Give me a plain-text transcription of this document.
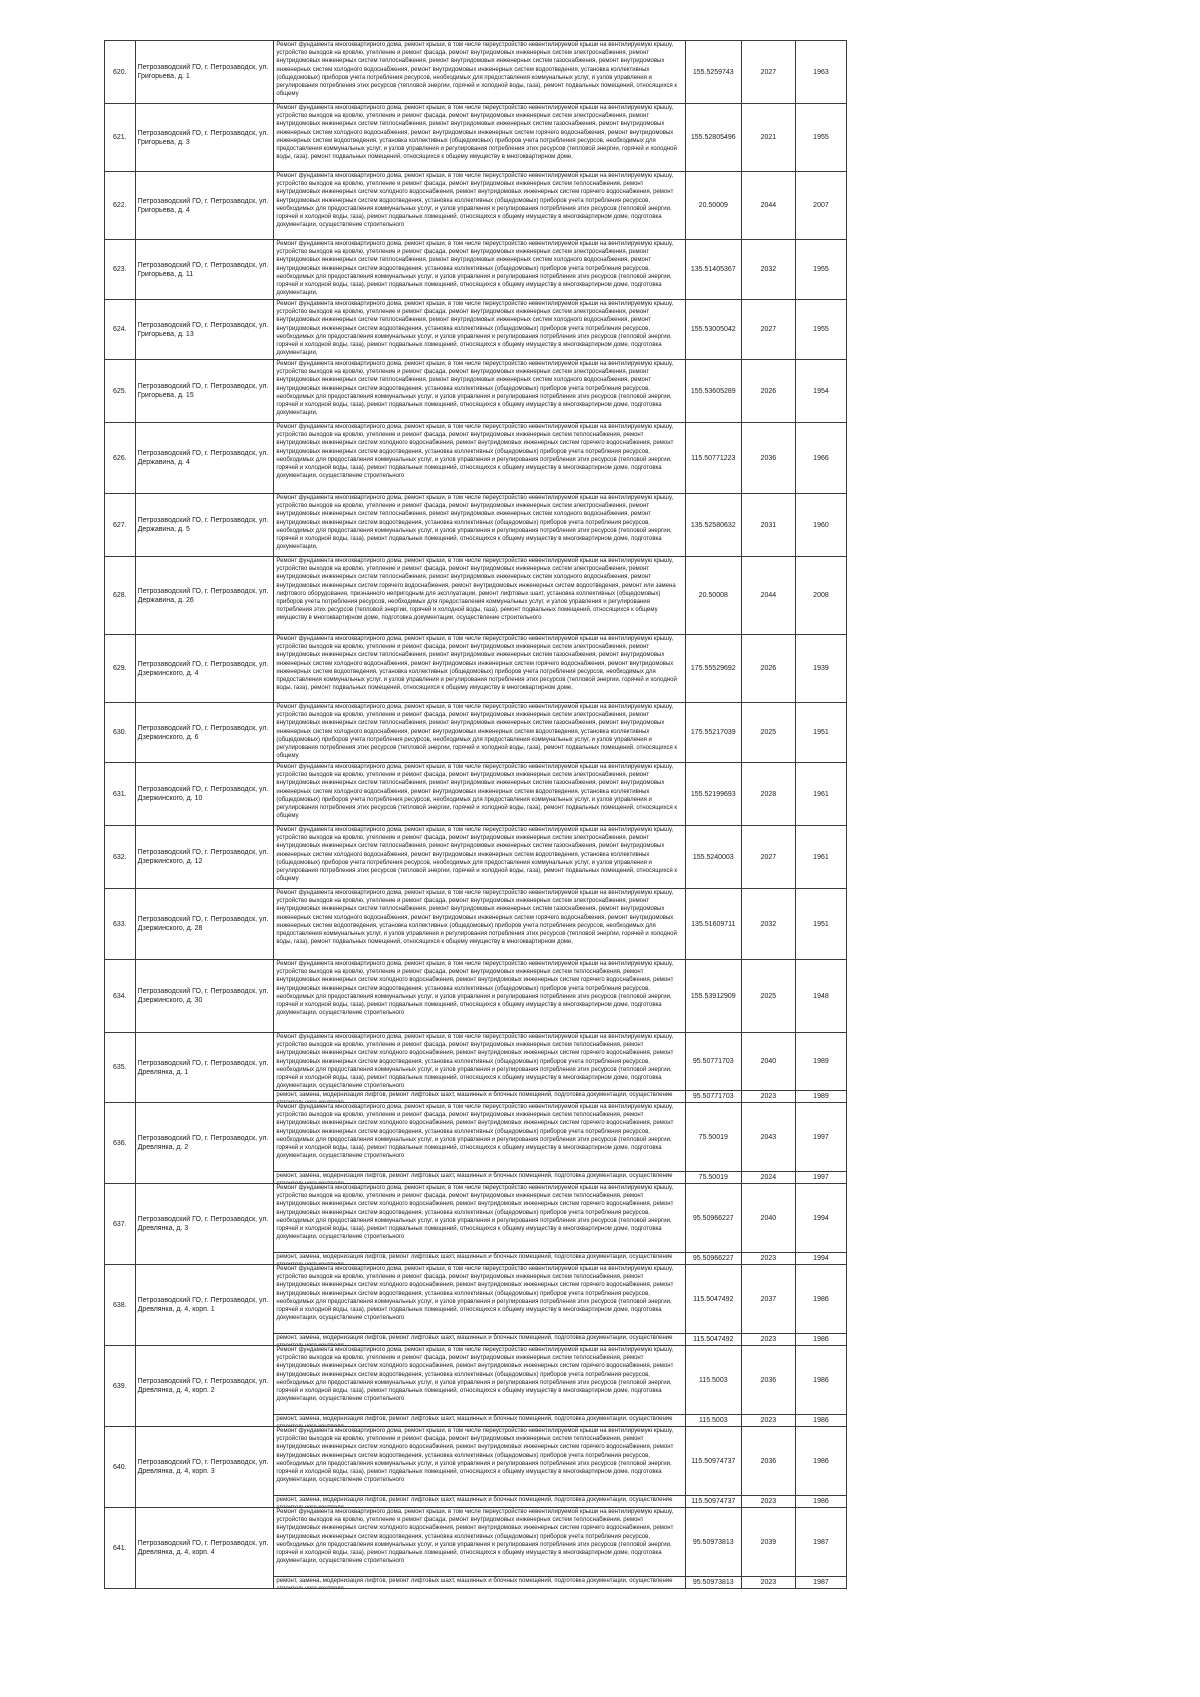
620.	Петрозаводский ГО, г. Петрозаводск, ул. Григорьева, д. 1	Ремонт фундамента многоквартирного дома, ремонт крыши, в том числе переустройство невентилируемой крыши на вентилируемую крышу, устройство выходов на кровлю, утепление и ремонт фасада, ремонт внутридомовых инженерных систем электроснабжения, ремонт внутридомовых инженерных систем теплоснабжения, ремонт внутридомовых инженерных систем газоснабжения, ремонт внутридомовых инженерных систем холодного водоснабжения, ремонт внутридомовых инженерных систем водоотведения, установка коллективных (общедомовых) приборов учета потребления ресурсов, необходимых для предоставления коммунальных услуг, и узлов управления и регулирования потребления этих ресурсов (тепловой энергии, горячей и холодной воды, газа), ремонт подвальных помещений, относящихся к общему	155.5259743	2027	1963
621.	Петрозаводский ГО, г. Петрозаводск, ул. Григорьева, д. 3	Ремонт фундамента многоквартирного дома, ремонт крыши, в том числе переустройство невентилируемой крыши на вентилируемую крышу, устройство выходов на кровлю, утепление и ремонт фасада, ремонт внутридомовых инженерных систем электроснабжения, ремонт внутридомовых инженерных систем теплоснабжения, ремонт внутридомовых инженерных систем газоснабжения, ремонт внутридомовых инженерных систем холодного водоснабжения, ремонт внутридомовых инженерных систем горячего водоснабжения, ремонт внутридомовых инженерных систем водоотведения, установка коллективных (общедомовых) приборов учета потребления ресурсов, необходимых для предоставления коммунальных услуг, и узлов управления и регулирования потребления этих ресурсов (тепловой энергии, горячей и холодной воды, газа), ремонт подвальных помещений, относящихся к общему имуществу в многоквартирном доме,	155.52805496	2021	1955
622.	Петрозаводский ГО, г. Петрозаводск, ул. Григорьева, д. 4	Ремонт фундамента многоквартирного дома, ремонт крыши, в том числе переустройство невентилируемой крыши на вентилируемую крышу, устройство выходов на кровлю, утепление и ремонт фасада, ремонт внутридомовых инженерных систем теплоснабжения, ремонт внутридомовых инженерных систем холодного водоснабжения, ремонт внутридомовых инженерных систем горячего водоснабжения, ремонт внутридомовых инженерных систем водоотведения, установка коллективных (общедомовых) приборов учета потребления ресурсов, необходимых для предоставления коммунальных услуг, и узлов управления и регулирования потребления этих ресурсов (тепловой энергии, горячей и холодной воды, газа), ремонт подвальных помещений, относящихся к общему имуществу в многоквартирном доме, подготовка документации, осуществление строительного	20.50009	2044	2007
623.	Петрозаводский ГО, г. Петрозаводск, ул. Григорьева, д. 11	Ремонт фундамента многоквартирного дома, ремонт крыши, в том числе переустройство невентилируемой крыши на вентилируемую крышу, устройство выходов на кровлю, утепление и ремонт фасада, ремонт внутридомовых инженерных систем электроснабжения, ремонт внутридомовых инженерных систем теплоснабжения, ремонт внутридомовых инженерных систем холодного водоснабжения, ремонт внутридомовых инженерных систем водоотведения, установка коллективных (общедомовых) приборов учета потребления ресурсов, необходимых для предоставления коммунальных услуг, и узлов управления и регулирования потребления этих ресурсов (тепловой энергии, горячей и холодной воды, газа), ремонт подвальных помещений, относящихся к общему имуществу в многоквартирном доме, подготовка документации,	135.51405367	2032	1955
624.	Петрозаводский ГО, г. Петрозаводск, ул. Григорьева, д. 13	Ремонт фундамента многоквартирного дома, ремонт крыши, в том числе переустройство невентилируемой крыши на вентилируемую крышу, устройство выходов на кровлю, утепление и ремонт фасада, ремонт внутридомовых инженерных систем электроснабжения, ремонт внутридомовых инженерных систем теплоснабжения, ремонт внутридомовых инженерных систем холодного водоснабжения, ремонт внутридомовых инженерных систем водоотведения, установка коллективных (общедомовых) приборов учета потребления ресурсов, необходимых для предоставления коммунальных услуг, и узлов управления и регулирования потребления этих ресурсов (тепловой энергии, горячей и холодной воды, газа), ремонт подвальных помещений, относящихся к общему имуществу в многоквартирном доме, подготовка документации,	155.53005042	2027	1955
625.	Петрозаводский ГО, г. Петрозаводск, ул. Григорьева, д. 15	Ремонт фундамента многоквартирного дома, ремонт крыши, в том числе переустройство невентилируемой крыши на вентилируемую крышу, устройство выходов на кровлю, утепление и ремонт фасада, ремонт внутридомовых инженерных систем электроснабжения, ремонт внутридомовых инженерных систем теплоснабжения, ремонт внутридомовых инженерных систем холодного водоснабжения, ремонт внутридомовых инженерных систем водоотведения, установка коллективных (общедомовых) приборов учета потребления ресурсов, необходимых для предоставления коммунальных услуг, и узлов управления и регулирования потребления этих ресурсов (тепловой энергии, горячей и холодной воды, газа), ремонт подвальных помещений, относящихся к общему имуществу в многоквартирном доме, подготовка документации,	155.53605289	2026	1954
626.	Петрозаводский ГО, г. Петрозаводск, ул. Державина, д. 4	Ремонт фундамента многоквартирного дома, ремонт крыши, в том числе переустройство невентилируемой крыши на вентилируемую крышу, устройство выходов на кровлю, утепление и ремонт фасада, ремонт внутридомовых инженерных систем теплоснабжения, ремонт внутридомовых инженерных систем холодного водоснабжения, ремонт внутридомовых инженерных систем горячего водоснабжения, ремонт внутридомовых инженерных систем водоотведения, установка коллективных (общедомовых) приборов учета потребления ресурсов, необходимых для предоставления коммунальных услуг, и узлов управления и регулирования потребления этих ресурсов (тепловой энергии, горячей и холодной воды, газа), ремонт подвальных помещений, относящихся к общему имуществу в многоквартирном доме, подготовка документации, осуществление строительного	115.50771223	2036	1966
627.	Петрозаводский ГО, г. Петрозаводск, ул. Державина, д. 5	Ремонт фундамента многоквартирного дома, ремонт крыши, в том числе переустройство невентилируемой крыши на вентилируемую крышу, устройство выходов на кровлю, утепление и ремонт фасада, ремонт внутридомовых инженерных систем электроснабжения, ремонт внутридомовых инженерных систем теплоснабжения, ремонт внутридомовых инженерных систем холодного водоснабжения, ремонт внутридомовых инженерных систем водоотведения, установка коллективных (общедомовых) приборов учета потребления ресурсов, необходимых для предоставления коммунальных услуг, и узлов управления и регулирования потребления этих ресурсов (тепловой энергии, горячей и холодной воды, газа), ремонт подвальных помещений, относящихся к общему имуществу в многоквартирном доме, подготовка документации,	135.52580632	2031	1960
628.	Петрозаводский ГО, г. Петрозаводск, ул. Державина, д. 26	Ремонт фундамента многоквартирного дома, ремонт крыши, в том числе переустройство невентилируемой крыши на вентилируемую крышу, устройство выходов на кровлю, утепление и ремонт фасада, ремонт внутридомовых инженерных систем электроснабжения, ремонт внутридомовых инженерных систем теплоснабжения, ремонт внутридомовых инженерных систем холодного водоснабжения, ремонт внутридомовых инженерных систем горячего водоснабжения, ремонт внутридомовых инженерных систем водоотведения, ремонт или замена лифтового оборудования, признанного непригодным для эксплуатации, ремонт лифтовых шахт, установка коллективных (общедомовых) приборов учета потребления ресурсов, необходимых для предоставления коммунальных услуг, и узлов управления и регулирования потребления этих ресурсов (тепловой энергии, горячей и холодной воды, газа), ремонт подвальных помещений, относящихся к общему имуществу в многоквартирном доме, подготовка документации, осуществление строительного	20.50008	2044	2008
629.	Петрозаводский ГО, г. Петрозаводск, ул. Дзержинского, д. 4	Ремонт фундамента многоквартирного дома, ремонт крыши, в том числе переустройство невентилируемой крыши на вентилируемую крышу, устройство выходов на кровлю, утепление и ремонт фасада, ремонт внутридомовых инженерных систем электроснабжения, ремонт внутридомовых инженерных систем теплоснабжения, ремонт внутридомовых инженерных систем газоснабжения, ремонт внутридомовых инженерных систем холодного водоснабжения, ремонт внутридомовых инженерных систем горячего водоснабжения, ремонт внутридомовых инженерных систем водоотведения, установка коллективных (общедомовых) приборов учета потребления ресурсов, необходимых для предоставления коммунальных услуг, и узлов управления и регулирования потребления этих ресурсов (тепловой энергии, горячей и холодной воды, газа), ремонт подвальных помещений, относящихся к общему имуществу в многоквартирном доме,	175.55529692	2026	1939
630.	Петрозаводский ГО, г. Петрозаводск, ул. Дзержинского, д. 6	Ремонт фундамента многоквартирного дома, ремонт крыши, в том числе переустройство невентилируемой крыши на вентилируемую крышу, устройство выходов на кровлю, утепление и ремонт фасада, ремонт внутридомовых инженерных систем электроснабжения, ремонт внутридомовых инженерных систем теплоснабжения, ремонт внутридомовых инженерных систем газоснабжения, ремонт внутридомовых инженерных систем холодного водоснабжения, ремонт внутридомовых инженерных систем водоотведения, установка коллективных (общедомовых) приборов учета потребления ресурсов, необходимых для предоставления коммунальных услуг, и узлов управления и регулирования потребления этих ресурсов (тепловой энергии, горячей и холодной воды, газа), ремонт подвальных помещений, относящихся к общему	175.55217039	2025	1951
631.	Петрозаводский ГО, г. Петрозаводск, ул. Дзержинского, д. 10	Ремонт фундамента многоквартирного дома, ремонт крыши, в том числе переустройство невентилируемой крыши на вентилируемую крышу, устройство выходов на кровлю, утепление и ремонт фасада, ремонт внутридомовых инженерных систем электроснабжения, ремонт внутридомовых инженерных систем теплоснабжения, ремонт внутридомовых инженерных систем газоснабжения, ремонт внутридомовых инженерных систем холодного водоснабжения, ремонт внутридомовых инженерных систем водоотведения, установка коллективных (общедомовых) приборов учета потребления ресурсов, необходимых для предоставления коммунальных услуг, и узлов управления и регулирования потребления этих ресурсов (тепловой энергии, горячей и холодной воды, газа), ремонт подвальных помещений, относящихся к общему	155.52199693	2028	1961
632.	Петрозаводский ГО, г. Петрозаводск, ул. Дзержинского, д. 12	Ремонт фундамента многоквартирного дома, ремонт крыши, в том числе переустройство невентилируемой крыши на вентилируемую крышу, устройство выходов на кровлю, утепление и ремонт фасада, ремонт внутридомовых инженерных систем электроснабжения, ремонт внутридомовых инженерных систем теплоснабжения, ремонт внутридомовых инженерных систем газоснабжения, ремонт внутридомовых инженерных систем холодного водоснабжения, ремонт внутридомовых инженерных систем водоотведения, установка коллективных (общедомовых) приборов учета потребления ресурсов, необходимых для предоставления коммунальных услуг, и узлов управления и регулирования потребления этих ресурсов (тепловой энергии, горячей и холодной воды, газа), ремонт подвальных помещений, относящихся к общему	155.5240003	2027	1961
633.	Петрозаводский ГО, г. Петрозаводск, ул. Дзержинского, д. 28	Ремонт фундамента многоквартирного дома, ремонт крыши, в том числе переустройство невентилируемой крыши на вентилируемую крышу, устройство выходов на кровлю, утепление и ремонт фасада, ремонт внутридомовых инженерных систем электроснабжения, ремонт внутридомовых инженерных систем теплоснабжения, ремонт внутридомовых инженерных систем газоснабжения, ремонт внутридомовых инженерных систем холодного водоснабжения, ремонт внутридомовых инженерных систем горячего водоснабжения, ремонт внутридомовых инженерных систем водоотведения, установка коллективных (общедомовых) приборов учета потребления ресурсов, необходимых для предоставления коммунальных услуг, и узлов управления и регулирования потребления этих ресурсов (тепловой энергии, горячей и холодной воды, газа), ремонт подвальных помещений, относящихся к общему имуществу в многоквартирном доме,	135.51609711	2032	1951
634.	Петрозаводский ГО, г. Петрозаводск, ул. Дзержинского, д. 30	Ремонт фундамента многоквартирного дома, ремонт крыши, в том числе переустройство невентилируемой крыши на вентилируемую крышу, устройство выходов на кровлю, утепление и ремонт фасада, ремонт внутридомовых инженерных систем теплоснабжения, ремонт внутридомовых инженерных систем холодного водоснабжения, ремонт внутридомовых инженерных систем горячего водоснабжения, ремонт внутридомовых инженерных систем водоотведения, установка коллективных (общедомовых) приборов учета потребления ресурсов, необходимых для предоставления коммунальных услуг, и узлов управления и регулирования потребления этих ресурсов (тепловой энергии, горячей и холодной воды, газа), ремонт подвальных помещений, относящихся к общему имуществу в многоквартирном доме, подготовка документации, осуществление строительного	155.53912909	2025	1948
635.	Петрозаводский ГО, г. Петрозаводск, ул. Древлянка, д. 1	Ремонт фундамента многоквартирного дома, ремонт крыши, в том числе переустройство невентилируемой крыши на вентилируемую крышу, устройство выходов на кровлю, утепление и ремонт фасада, ремонт внутридомовых инженерных систем теплоснабжения, ремонт внутридомовых инженерных систем холодного водоснабжения, ремонт внутридомовых инженерных систем горячего водоснабжения, ремонт внутридомовых инженерных систем водоотведения, установка коллективных (общедомовых) приборов учета потребления ресурсов, необходимых для предоставления коммунальных услуг, и узлов управления и регулирования потребления этих ресурсов (тепловой энергии, горячей и холодной воды, газа), ремонт подвальных помещений, относящихся к общему имуществу в многоквартирном доме, подготовка документации, осуществление строительного	95.50771703	2040	1989

		ремонт, замена, модернизация лифтов, ремонт лифтовых шахт, машинных и блочных помещений, подготовка документации, осуществление	95.50771703	2023	1989
636.	Петрозаводский ГО, г. Петрозаводск, ул. Древлянка, д. 2	Ремонт фундамента многоквартирного дома, ремонт крыши, в том числе переустройство невентилируемой крыши на вентилируемую крышу, устройство выходов на кровлю, утепление и ремонт фасада, ремонт внутридомовых инженерных систем теплоснабжения, ремонт внутридомовых инженерных систем холодного водоснабжения, ремонт внутридомовых инженерных систем горячего водоснабжения, ремонт внутридомовых инженерных систем водоотведения, установка коллективных (общедомовых) приборов учета потребления ресурсов, необходимых для предоставления коммунальных услуг, и узлов управления и регулирования потребления этих ресурсов (тепловой энергии, горячей и холодной воды, газа), ремонт подвальных помещений, относящихся к общему имуществу в многоквартирном доме, подготовка документации, осуществление строительного	75.50019	2043	1997

		ремонт, замена, модернизация лифтов, ремонт лифтовых шахт, машинных и блочных помещений, подготовка документации, осуществление	75.50019	2024	1997
637.	Петрозаводский ГО, г. Петрозаводск, ул. Древлянка, д. 3	Ремонт фундамента многоквартирного дома, ремонт крыши, в том числе переустройство невентилируемой крыши на вентилируемую крышу, устройство выходов на кровлю, утепление и ремонт фасада, ремонт внутридомовых инженерных систем теплоснабжения, ремонт внутридомовых инженерных систем холодного водоснабжения, ремонт внутридомовых инженерных систем горячего водоснабжения, ремонт внутридомовых инженерных систем водоотведения, установка коллективных (общедомовых) приборов учета потребления ресурсов, необходимых для предоставления коммунальных услуг, и узлов управления и регулирования потребления этих ресурсов (тепловой энергии, горячей и холодной воды, газа), ремонт подвальных помещений, относящихся к общему имуществу в многоквартирном доме, подготовка документации, осуществление строительного	95.50966227	2040	1994

		ремонт, замена, модернизация лифтов, ремонт лифтовых шахт, машинных и блочных помещений, подготовка документации, осуществление	95.50966227	2023	1994
638.	Петрозаводский ГО, г. Петрозаводск, ул. Древлянка, д. 4, корп. 1	Ремонт фундамента многоквартирного дома, ремонт крыши, в том числе переустройство невентилируемой крыши на вентилируемую крышу, устройство выходов на кровлю, утепление и ремонт фасада, ремонт внутридомовых инженерных систем теплоснабжения, ремонт внутридомовых инженерных систем холодного водоснабжения, ремонт внутридомовых инженерных систем горячего водоснабжения, ремонт внутридомовых инженерных систем водоотведения, установка коллективных (общедомовых) приборов учета потребления ресурсов, необходимых для предоставления коммунальных услуг, и узлов управления и регулирования потребления этих ресурсов (тепловой энергии, горячей и холодной воды, газа), ремонт подвальных помещений, относящихся к общему имуществу в многоквартирном доме, подготовка документации, осуществление строительного	115.5047492	2037	1986

		ремонт, замена, модернизация лифтов, ремонт лифтовых шахт, машинных и блочных помещений, подготовка документации, осуществление	115.5047492	2023	1986
639.	Петрозаводский ГО, г. Петрозаводск, ул. Древлянка, д. 4, корп. 2	Ремонт фундамента многоквартирного дома, ремонт крыши, в том числе переустройство невентилируемой крыши на вентилируемую крышу, устройство выходов на кровлю, утепление и ремонт фасада, ремонт внутридомовых инженерных систем теплоснабжения, ремонт внутридомовых инженерных систем холодного водоснабжения, ремонт внутридомовых инженерных систем горячего водоснабжения, ремонт внутридомовых инженерных систем водоотведения, установка коллективных (общедомовых) приборов учета потребления ресурсов, необходимых для предоставления коммунальных услуг, и узлов управления и регулирования потребления этих ресурсов (тепловой энергии, горячей и холодной воды, газа), ремонт подвальных помещений, относящихся к общему имуществу в многоквартирном доме, подготовка документации, осуществление строительного	115.5003	2036	1986

		ремонт, замена, модернизация лифтов, ремонт лифтовых шахт, машинных и блочных помещений, подготовка документации, осуществление	115.5003	2023	1986
640.	Петрозаводский ГО, г. Петрозаводск, ул. Древлянка, д. 4, корп. 3	Ремонт фундамента многоквартирного дома, ремонт крыши, в том числе переустройство невентилируемой крыши на вентилируемую крышу, устройство выходов на кровлю, утепление и ремонт фасада, ремонт внутридомовых инженерных систем теплоснабжения, ремонт внутридомовых инженерных систем холодного водоснабжения, ремонт внутридомовых инженерных систем горячего водоснабжения, ремонт внутридомовых инженерных систем водоотведения, установка коллективных (общедомовых) приборов учета потребления ресурсов, необходимых для предоставления коммунальных услуг, и узлов управления и регулирования потребления этих ресурсов (тепловой энергии, горячей и холодной воды, газа), ремонт подвальных помещений, относящихся к общему имуществу в многоквартирном доме, подготовка документации, осуществление строительного	115.50974737	2036	1986

		ремонт, замена, модернизация лифтов, ремонт лифтовых шахт, машинных и блочных помещений, подготовка документации, осуществление	115.50974737	2023	1986
641.	Петрозаводский ГО, г. Петрозаводск, ул. Древлянка, д. 4, корп. 4	Ремонт фундамента многоквартирного дома, ремонт крыши, в том числе переустройство невентилируемой крыши на вентилируемую крышу, устройство выходов на кровлю, утепление и ремонт фасада, ремонт внутридомовых инженерных систем теплоснабжения, ремонт внутридомовых инженерных систем холодного водоснабжения, ремонт внутридомовых инженерных систем горячего водоснабжения, ремонт внутридомовых инженерных систем водоотведения, установка коллективных (общедомовых) приборов учета потребления ресурсов, необходимых для предоставления коммунальных услуг, и узлов управления и регулирования потребления этих ресурсов (тепловой энергии, горячей и холодной воды, газа), ремонт подвальных помещений, относящихся к общему имуществу в многоквартирном доме, подготовка документации, осуществление строительного	95.50973813	2039	1987

		ремонт, замена, модернизация лифтов, ремонт лифтовых шахт, машинных и блочных помещений, подготовка документации, осуществление	95.50973813	2023	1987
